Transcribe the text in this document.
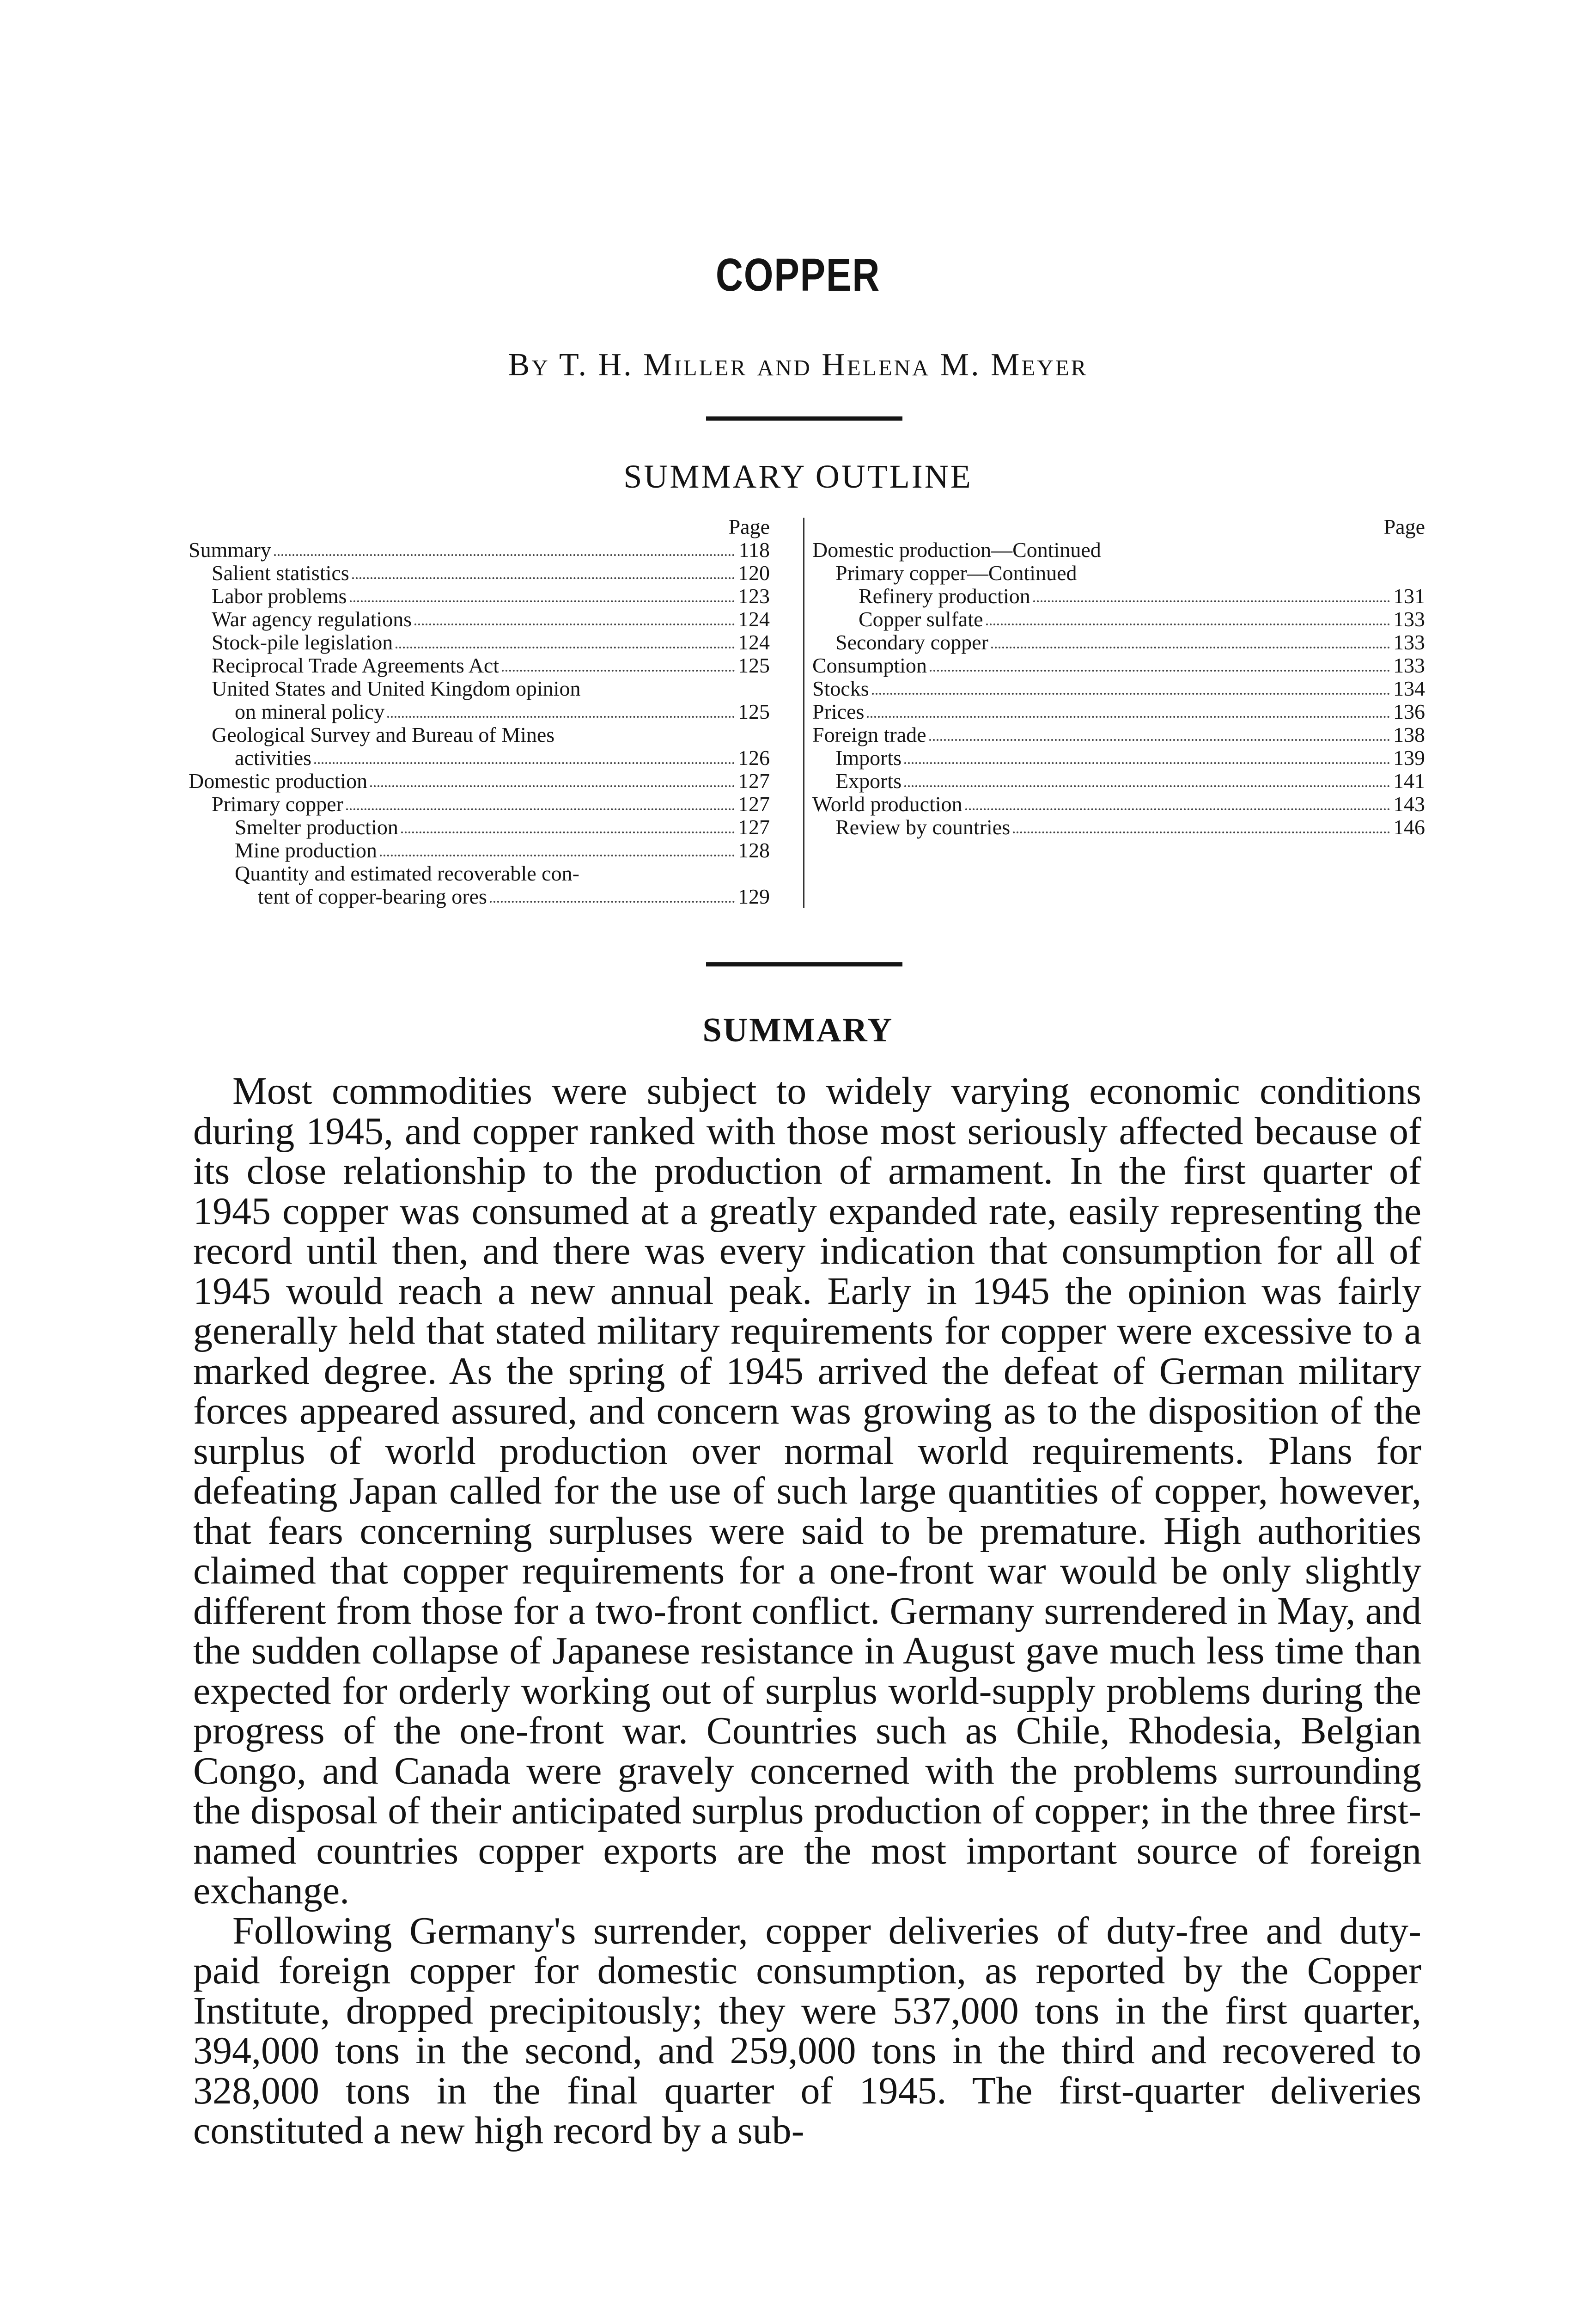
COPPER
By T. H. Miller and Helena M. Meyer
SUMMARY OUTLINE
Page
Summary	118
Salient statistics	120
Labor problems	123
War agency regulations	124
Stock-pile legislation	124
Reciprocal Trade Agreements Act	125
United States and United Kingdom opinion
on mineral policy	125
Geological Survey and Bureau of Mines
activities	126
Domestic production	127
Primary copper	127
Smelter production	127
Mine production	128
Quantity and estimated recoverable con-
tent of copper-bearing ores	129
Page
Domestic production—Continued
Primary copper—Continued
Refinery production	131
Copper sulfate	133
Secondary copper	133
Consumption	133
Stocks	134
Prices	136
Foreign trade	138
Imports	139
Exports	141
World production	143
Review by countries	146
SUMMARY

Most commodities were subject to widely varying economic conditions during 1945, and copper ranked with those most seriously affected because of its close relationship to the production of armament. In the first quarter of 1945 copper was consumed at a greatly expanded rate, easily representing the record until then, and there was every indication that consumption for all of 1945 would reach a new annual peak. Early in 1945 the opinion was fairly generally held that stated military requirements for copper were excessive to a marked degree. As the spring of 1945 arrived the defeat of German military forces appeared assured, and concern was growing as to the disposition of the surplus of world production over normal world requirements. Plans for defeating Japan called for the use of such large quantities of copper, however, that fears concerning surpluses were said to be premature. High authorities claimed that copper requirements for a one-front war would be only slightly different from those for a two-front conflict. Germany surrendered in May, and the sudden collapse of Japanese resistance in August gave much less time than expected for orderly working out of surplus world-supply problems during the progress of the one-front war. Countries such as Chile, Rhodesia, Belgian Congo, and Canada were gravely concerned with the problems surrounding the disposal of their anticipated surplus production of copper; in the three first-named countries copper exports are the most important source of foreign exchange.

Following Germany's surrender, copper deliveries of duty-free and duty-paid foreign copper for domestic consumption, as reported by the Copper Institute, dropped precipitously; they were 537,000 tons in the first quarter, 394,000 tons in the second, and 259,000 tons in the third and recovered to 328,000 tons in the final quarter of 1945. The first-quarter deliveries constituted a new high record by a sub-
